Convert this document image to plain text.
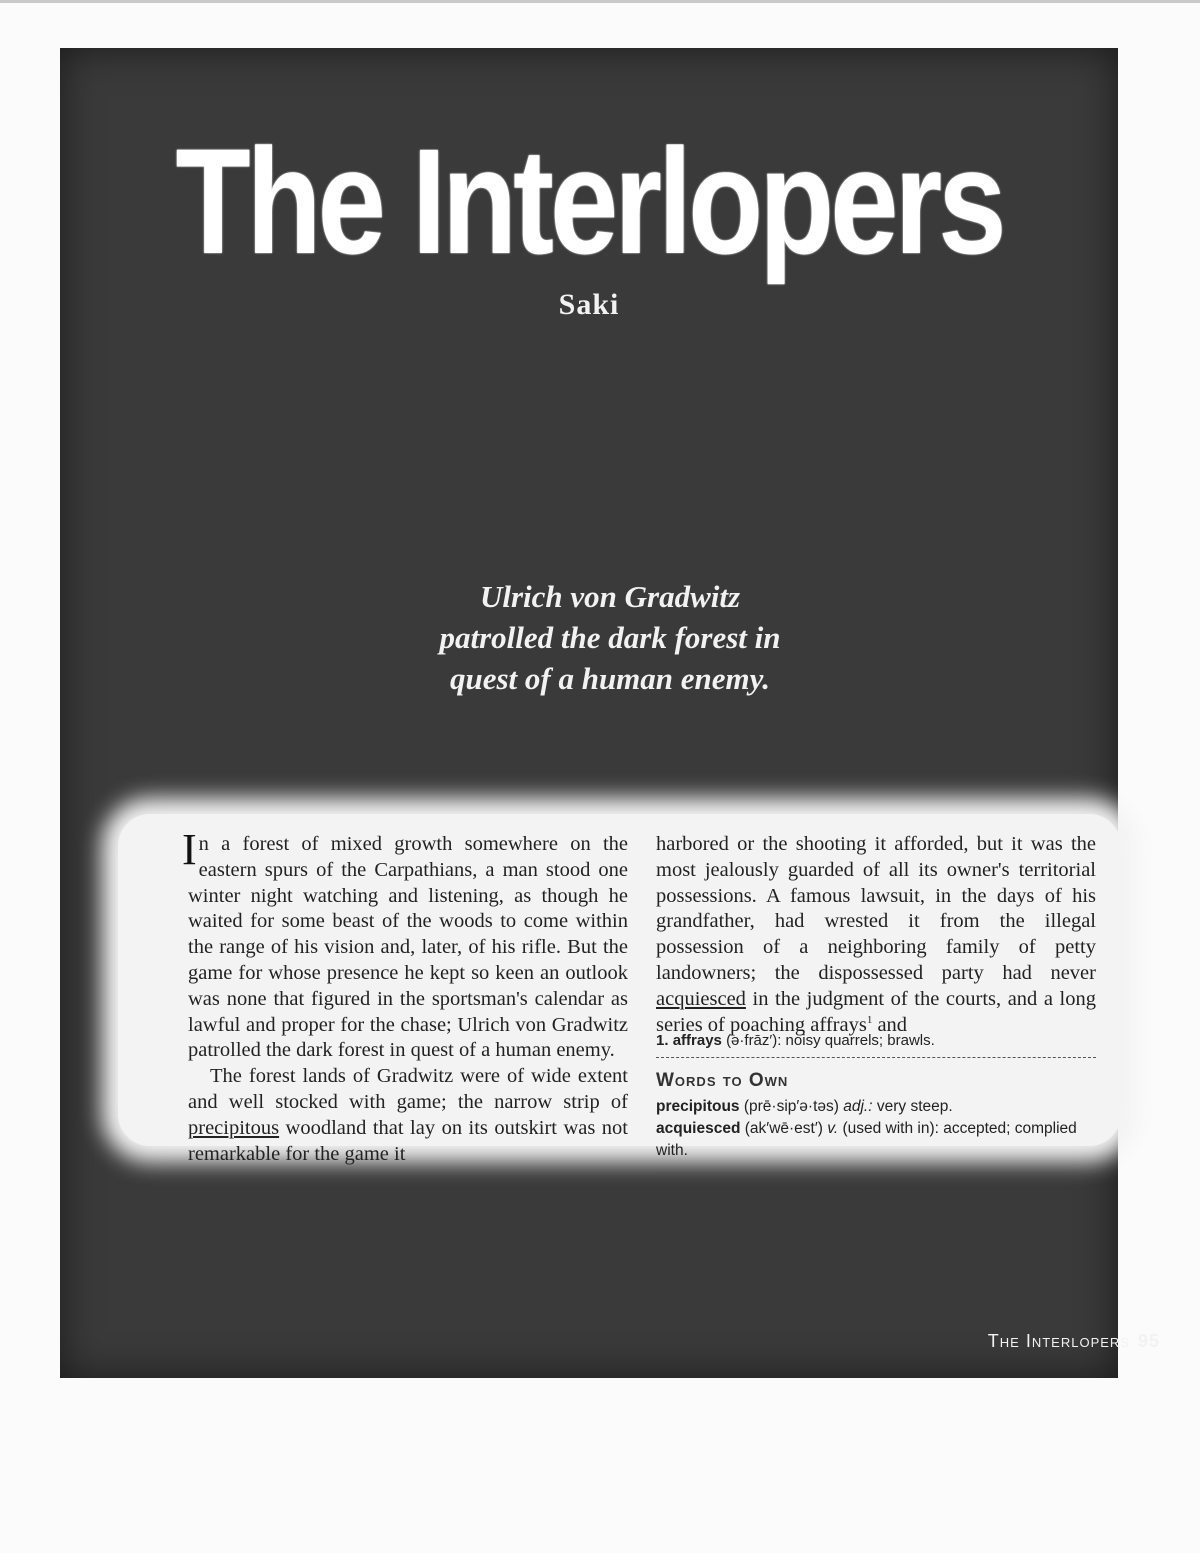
The Interlopers
Saki
Ulrich von Gradwitz
patrolled the dark forest in
quest of a human enemy.
The Interlopers 95

In a forest of mixed growth somewhere on the eastern spurs of the Carpathians, a man stood one winter night watching and listening, as though he waited for some beast of the woods to come within the range of his vision and, later, of his rifle. But the game for whose presence he kept so keen an outlook was none that figured in the sportsman's calendar as lawful and proper for the chase; Ulrich von Gradwitz patrolled the dark forest in quest of a human enemy.

The forest lands of Gradwitz were of wide extent and well stocked with game; the narrow strip of precipitous woodland that lay on its outskirt was not remarkable for the game it

harbored or the shooting it afforded, but it was the most jealously guarded of all its owner's territorial possessions. A famous lawsuit, in the days of his grandfather, had wrested it from the illegal possession of a neighboring family of petty landowners; the dispossessed party had never acquiesced in the judgment of the courts, and a long series of poaching affrays$^1$ and

1. affrays (ə·frāz′): noisy quarrels; brawls.
Words to Own
precipitous (prē·sip′ə·təs) adj.: very steep.
acquiesced (ak′wē·est′) v. (used with in): accepted; complied with.
